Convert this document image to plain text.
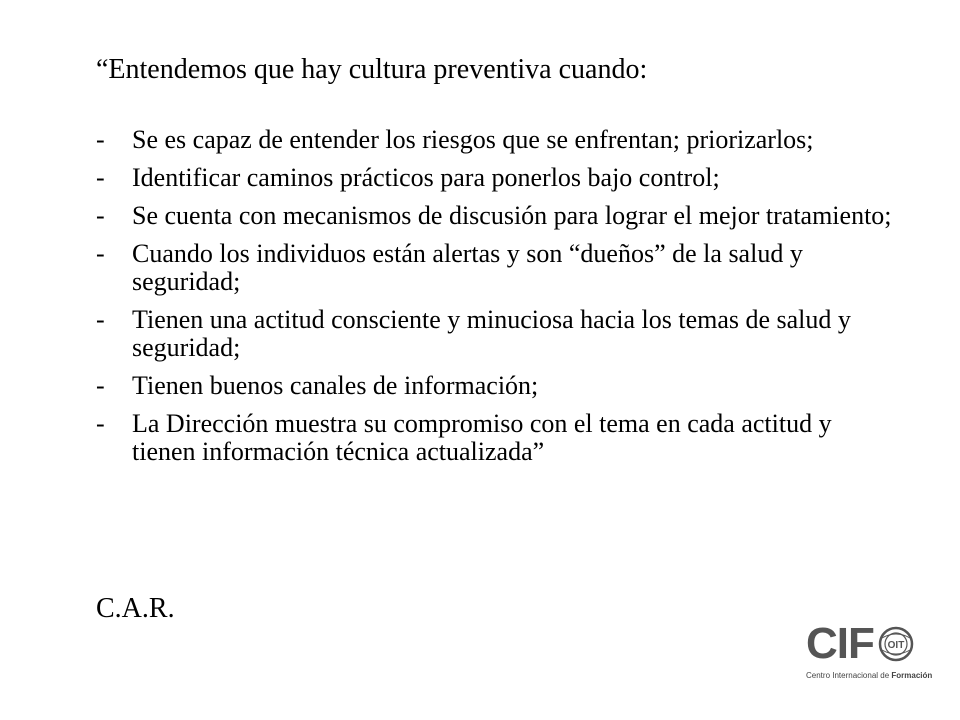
“Entendemos que hay cultura preventiva cuando:
-	Se es capaz de entender los riesgos que se enfrentan; priorizarlos;
-	Identificar caminos prácticos para ponerlos bajo control;
-	Se cuenta con mecanismos de discusión para lograr el mejor tratamiento;
-	Cuando los individuos están alertas y son “dueños” de la salud y seguridad;
-	Tienen una actitud consciente y minuciosa hacia los temas de salud y seguridad;
-	Tienen buenos canales de información;
-	La Dirección muestra su compromiso con el tema en cada actitud y tienen información técnica actualizada”
C.A.R.
CIF OIT
Centro Internacional de Formación
